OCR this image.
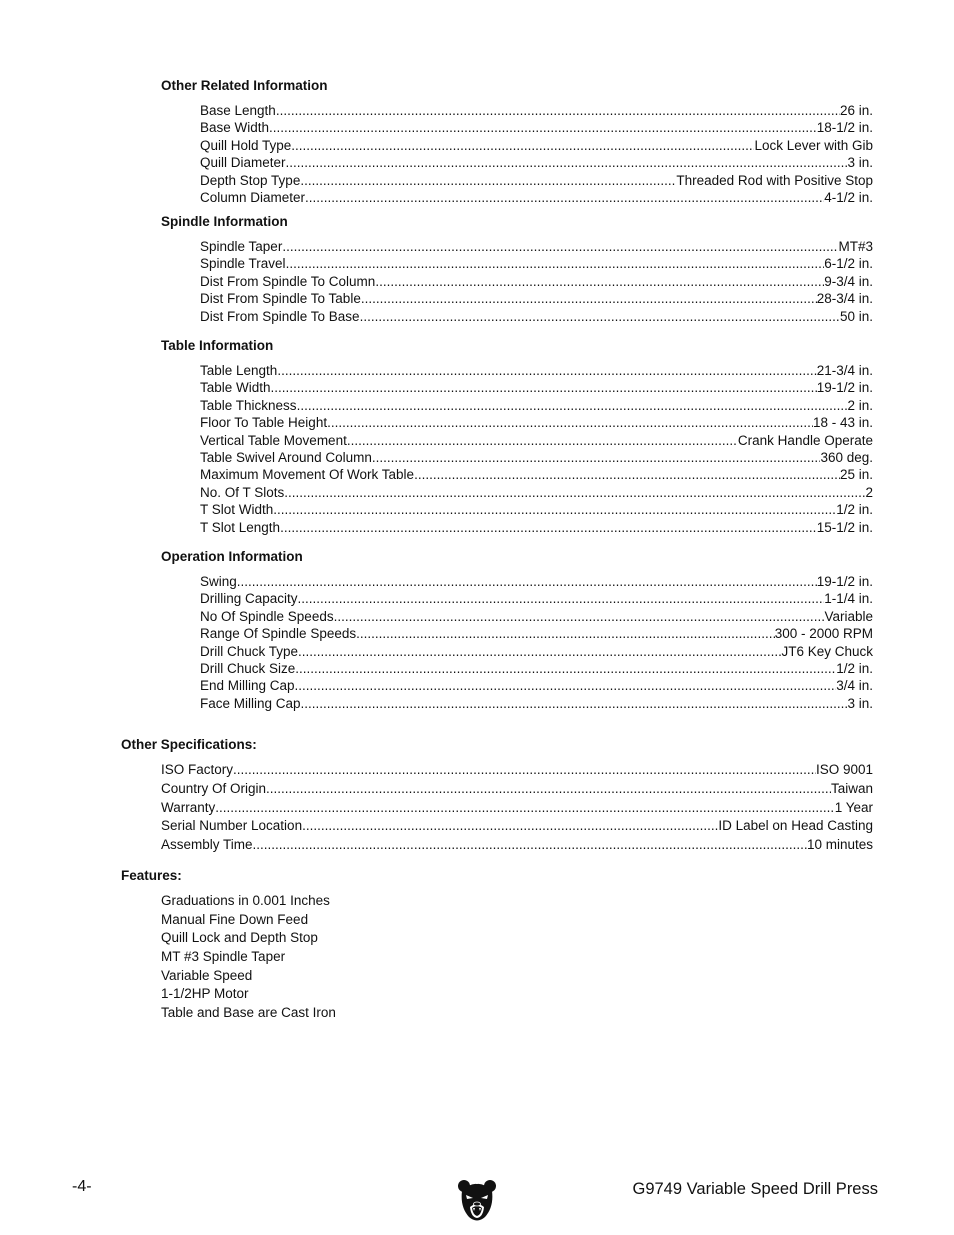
Other Related Information
Base Length .....	26 in.
Base Width .....	18-1/2 in.
Quill Hold Type .....	Lock Lever with Gib
Quill Diameter .....	3 in.
Depth Stop Type .....	Threaded Rod with Positive Stop
Column Diameter .....	4-1/2 in.
Spindle Information
Spindle Taper .....	MT#3
Spindle Travel .....	6-1/2 in.
Dist From Spindle To Column .....	9-3/4 in.
Dist From Spindle To Table .....	28-3/4 in.
Dist From Spindle To Base .....	50 in.
Table Information
Table Length .....	21-3/4 in.
Table Width .....	19-1/2 in.
Table Thickness .....	2 in.
Floor To Table Height .....	18 - 43 in.
Vertical Table Movement .....	Crank Handle Operate
Table Swivel Around Column .....	360 deg.
Maximum Movement Of Work Table .....	25 in.
No. Of T Slots .....	2
T Slot Width .....	1/2 in.
T Slot Length .....	15-1/2 in.
Operation Information
Swing .....	19-1/2 in.
Drilling Capacity .....	1-1/4 in.
No Of Spindle Speeds .....	Variable
Range Of Spindle Speeds .....	300 - 2000 RPM
Drill Chuck Type .....	JT6 Key Chuck
Drill Chuck Size .....	1/2 in.
End Milling Cap .....	3/4 in.
Face Milling Cap .....	3 in.
Other Specifications:
ISO Factory .....	ISO 9001
Country Of Origin .....	Taiwan
Warranty .....	1 Year
Serial Number Location .....	ID Label on Head Casting
Assembly Time .....	10 minutes
Features:
Graduations in 0.001 Inches
Manual Fine Down Feed
Quill Lock and Depth Stop
MT #3 Spindle Taper
Variable Speed
1-1/2HP Motor
Table and Base are Cast Iron
-4-	G9749 Variable Speed Drill Press
